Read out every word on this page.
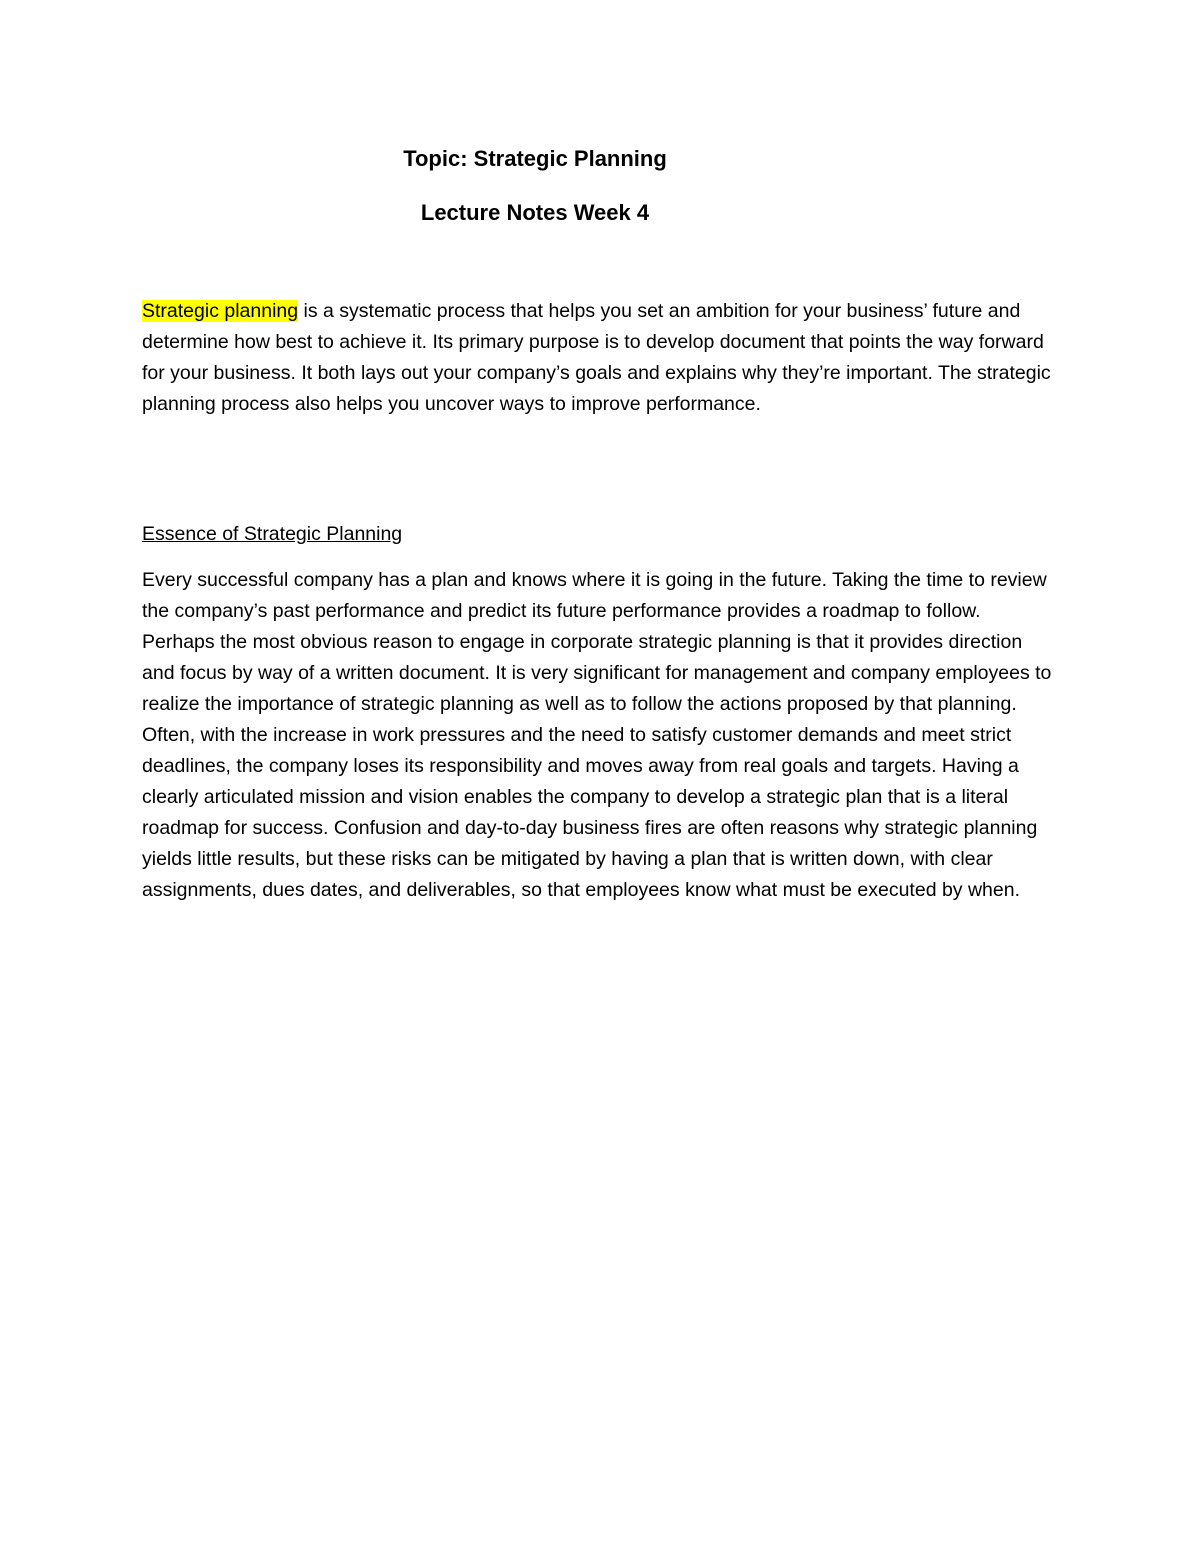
Topic: Strategic Planning

Lecture Notes Week 4

Strategic planning is a systematic process that helps you set an ambition for your business’ future and determine how best to achieve it. Its primary purpose is to develop document that points the way forward for your business. It both lays out your company’s goals and explains why they’re important. The strategic planning process also helps you uncover ways to improve performance.

Essence of Strategic Planning

Every successful company has a plan and knows where it is going in the future. Taking the time to review the company’s past performance and predict its future performance provides a roadmap to follow. Perhaps the most obvious reason to engage in corporate strategic planning is that it provides direction and focus by way of a written document. It is very significant for management and company employees to realize the importance of strategic planning as well as to follow the actions proposed by that planning. Often, with the increase in work pressures and the need to satisfy customer demands and meet strict deadlines, the company loses its responsibility and moves away from real goals and targets. Having a clearly articulated mission and vision enables the company to develop a strategic plan that is a literal roadmap for success. Confusion and day-to-day business fires are often reasons why strategic planning yields little results, but these risks can be mitigated by having a plan that is written down, with clear assignments, dues dates, and deliverables, so that employees know what must be executed by when.
